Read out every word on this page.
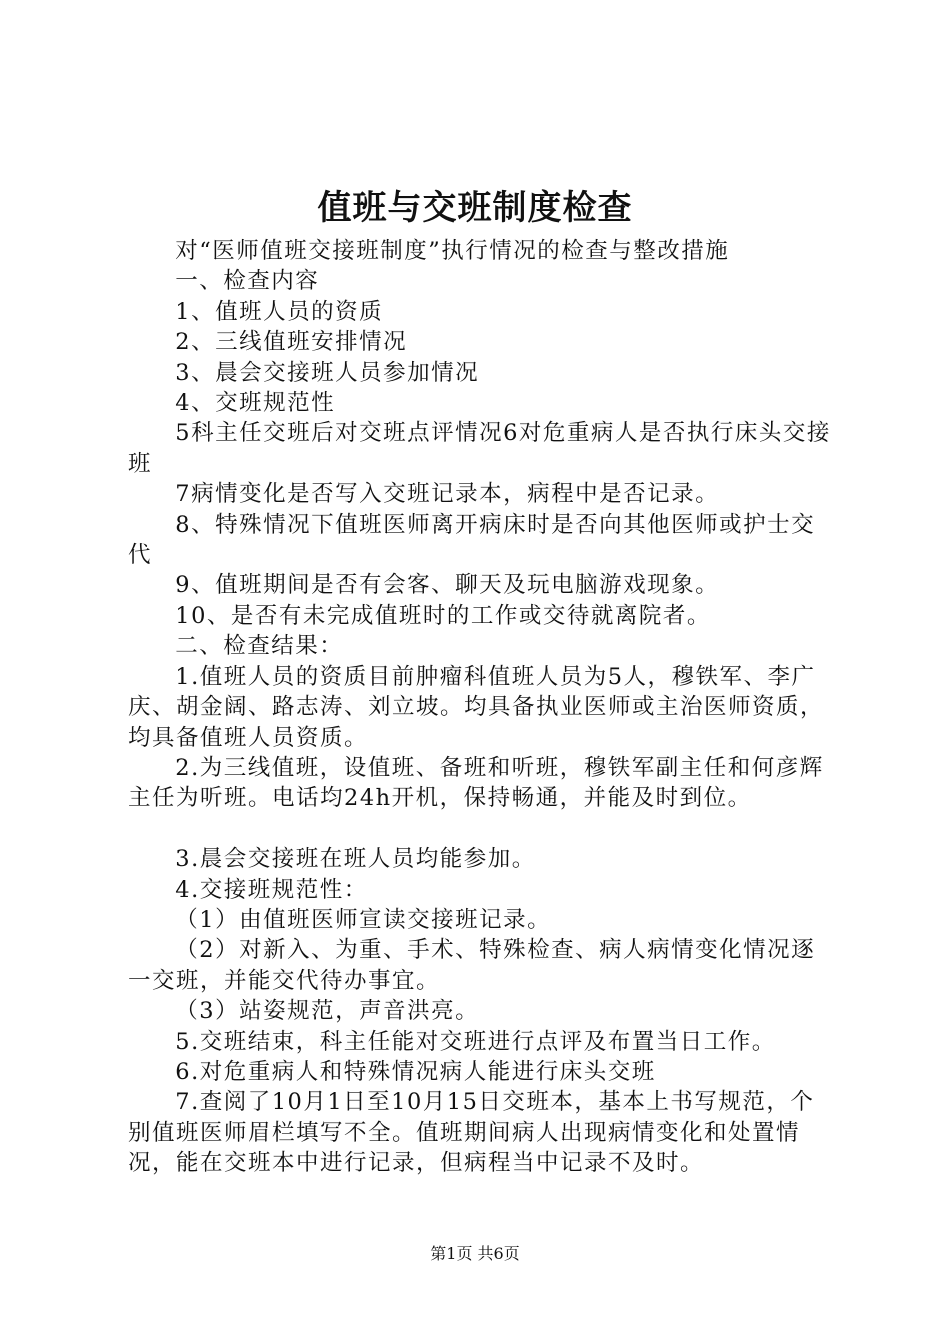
值班与交班制度检查

对“医师值班交接班制度”执行情况的检查与整改措施

一、检查内容

1、值班人员的资质

2、三线值班安排情况

3、晨会交接班人员参加情况

4、交班规范性

5科主任交班后对交班点评情况6对危重病人是否执行床头交接班

7病情变化是否写入交班记录本，病程中是否记录。

8、特殊情况下值班医师离开病床时是否向其他医师或护士交代

9、值班期间是否有会客、聊天及玩电脑游戏现象。

10、是否有未完成值班时的工作或交待就离院者。

二、检查结果：

1.值班人员的资质目前肿瘤科值班人员为5人，穆铁军、李广庆、胡金阔、路志涛、刘立坡。均具备执业医师或主治医师资质，均具备值班人员资质。

2.为三线值班，设值班、备班和听班，穆铁军副主任和何彦辉主任为听班。电话均24h开机，保持畅通，并能及时到位。

3.晨会交接班在班人员均能参加。

4.交接班规范性：

（1）由值班医师宣读交接班记录。

（2）对新入、为重、手术、特殊检查、病人病情变化情况逐一交班，并能交代待办事宜。

（3）站姿规范，声音洪亮。

5.交班结束，科主任能对交班进行点评及布置当日工作。

6.对危重病人和特殊情况病人能进行床头交班

7.查阅了10月1日至10月15日交班本，基本上书写规范，个别值班医师眉栏填写不全。值班期间病人出现病情变化和处置情况，能在交班本中进行记录，但病程当中记录不及时。

第1页 共6页
